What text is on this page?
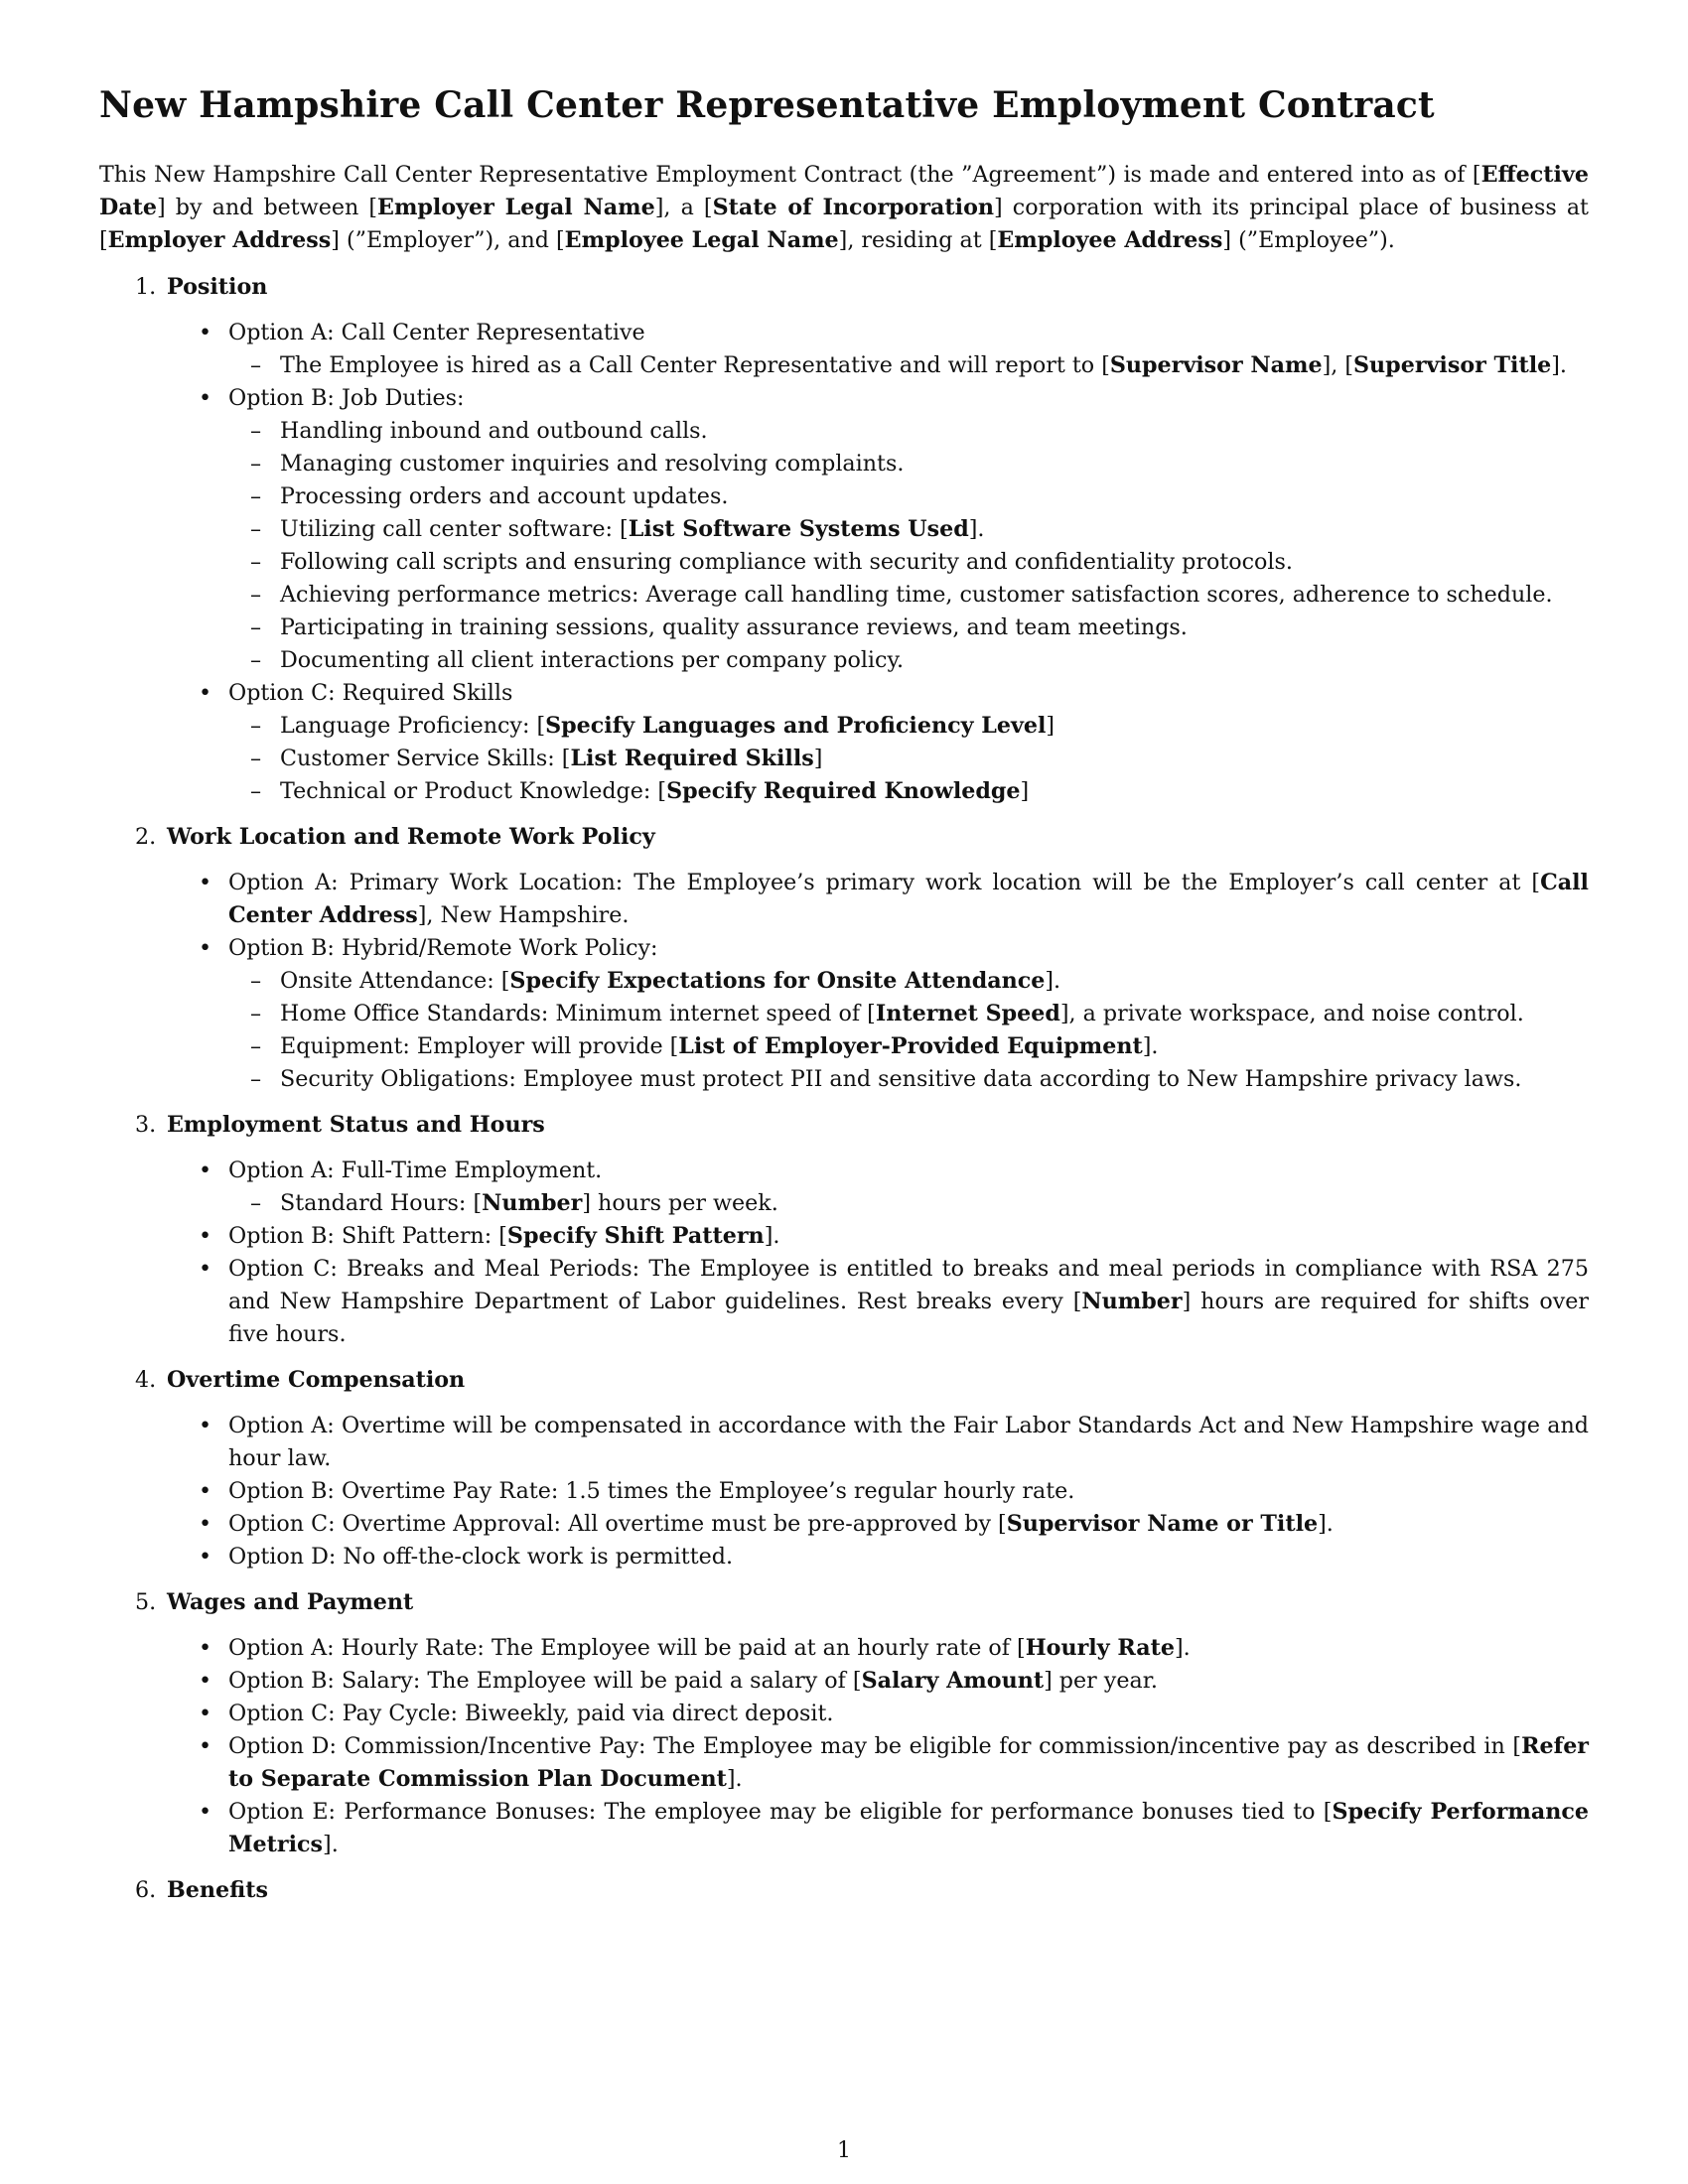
New Hampshire Call Center Representative Employment Contract

This New Hampshire Call Center Representative Employment Contract (the ”Agreement”) is made and entered into as of [Effective Date] by and between [Employer Legal Name], a [State of Incorporation] corporation with its principal place of business at [Employer Address] (”Employer”), and [Employee Legal Name], residing at [Employee Address] (”Employee”).

1. Position
• Option A: Call Center Representative
– The Employee is hired as a Call Center Representative and will report to [Supervisor Name], [Supervisor Title].
• Option B: Job Duties:
– Handling inbound and outbound calls.
– Managing customer inquiries and resolving complaints.
– Processing orders and account updates.
– Utilizing call center software: [List Software Systems Used].
– Following call scripts and ensuring compliance with security and confidentiality protocols.
– Achieving performance metrics: Average call handling time, customer satisfaction scores, adherence to schedule.
– Participating in training sessions, quality assurance reviews, and team meetings.
– Documenting all client interactions per company policy.
• Option C: Required Skills
– Language Proficiency: [Specify Languages and Proficiency Level]
– Customer Service Skills: [List Required Skills]
– Technical or Product Knowledge: [Specify Required Knowledge]
2. Work Location and Remote Work Policy
• Option A: Primary Work Location: The Employee’s primary work location will be the Employer’s call center at [Call Center Address], New Hampshire.
• Option B: Hybrid/Remote Work Policy:
– Onsite Attendance: [Specify Expectations for Onsite Attendance].
– Home Office Standards: Minimum internet speed of [Internet Speed], a private workspace, and noise control.
– Equipment: Employer will provide [List of Employer-Provided Equipment].
– Security Obligations: Employee must protect PII and sensitive data according to New Hampshire privacy laws.
3. Employment Status and Hours
• Option A: Full-Time Employment.
– Standard Hours: [Number] hours per week.
• Option B: Shift Pattern: [Specify Shift Pattern].
• Option C: Breaks and Meal Periods: The Employee is entitled to breaks and meal periods in compliance with RSA 275 and New Hampshire Department of Labor guidelines. Rest breaks every [Number] hours are required for shifts over five hours.
4. Overtime Compensation
• Option A: Overtime will be compensated in accordance with the Fair Labor Standards Act and New Hampshire wage and hour law.
• Option B: Overtime Pay Rate: 1.5 times the Employee’s regular hourly rate.
• Option C: Overtime Approval: All overtime must be pre-approved by [Supervisor Name or Title].
• Option D: No off-the-clock work is permitted.
5. Wages and Payment
• Option A: Hourly Rate: The Employee will be paid at an hourly rate of [Hourly Rate].
• Option B: Salary: The Employee will be paid a salary of [Salary Amount] per year.
• Option C: Pay Cycle: Biweekly, paid via direct deposit.
• Option D: Commission/Incentive Pay: The Employee may be eligible for commission/incentive pay as described in [Refer to Separate Commission Plan Document].
• Option E: Performance Bonuses: The employee may be eligible for performance bonuses tied to [Specify Performance Metrics].
6. Benefits
1
